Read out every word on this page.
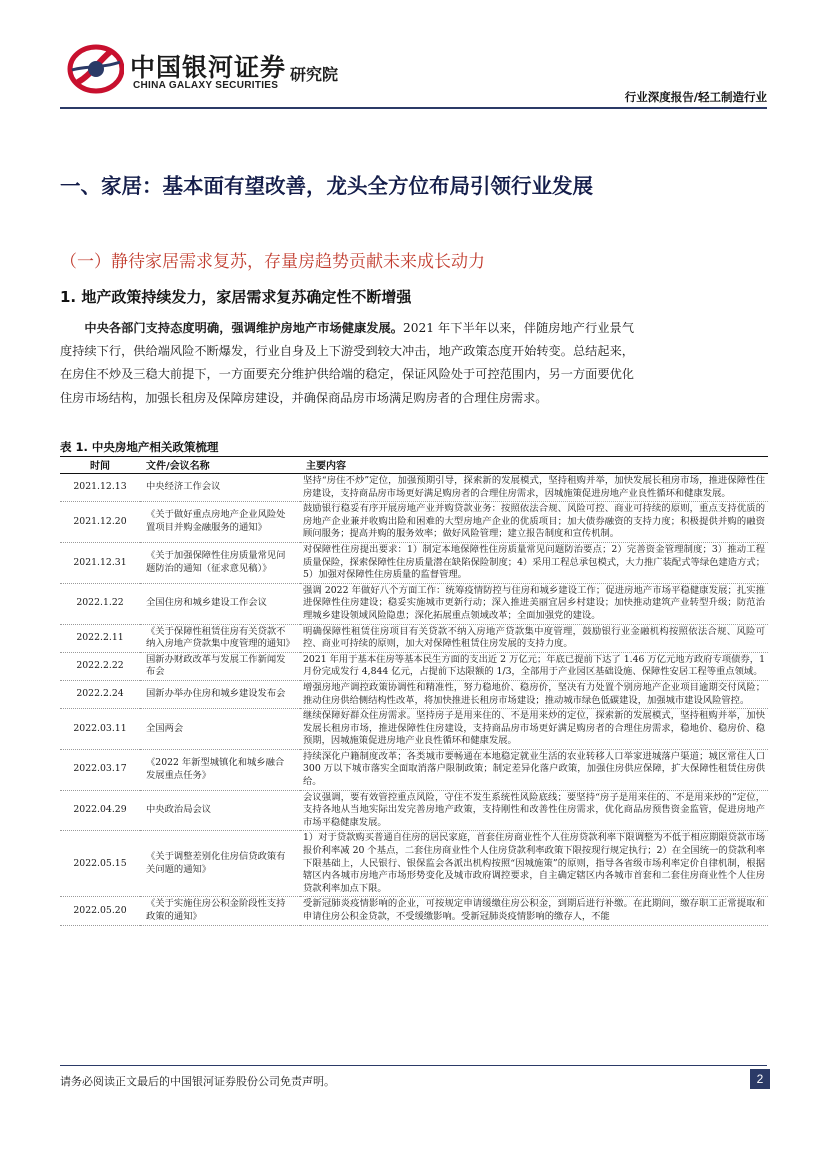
中国银河证券 研究院
CHINA GALAXY SECURITIES
行业深度报告/轻工制造行业
一、家居：基本面有望改善，龙头全方位布局引领行业发展
（一）静待家居需求复苏，存量房趋势贡献未来成长动力
1. 地产政策持续发力，家居需求复苏确定性不断增强
中央各部门支持态度明确，强调维护房地产市场健康发展。2021 年下半年以来，伴随房地产行业景气度持续下行，供给端风险不断爆发，行业自身及上下游受到较大冲击，地产政策态度开始转变。总结起来，在房住不炒及三稳大前提下，一方面要充分维护供给端的稳定，保证风险处于可控范围内，另一方面要优化住房市场结构，加强长租房及保障房建设，并确保商品房市场满足购房者的合理住房需求。
表 1. 中央房地产相关政策梳理
时间	文件/会议名称	主要内容
2021.12.13	中央经济工作会议	坚持“房住不炒”定位，加强预期引导，探索新的发展模式，坚持租购并举，加快发展长租房市场，推进保障性住房建设，支持商品房市场更好满足购房者的合理住房需求，因城施策促进房地产业良性循环和健康发展。
2021.12.20	《关于做好重点房地产企业风险处置项目并购金融服务的通知》	鼓励银行稳妥有序开展房地产业并购贷款业务：按照依法合规、风险可控、商业可持续的原则，重点支持优质的房地产企业兼并收购出险和困难的大型房地产企业的优质项目；加大债券融资的支持力度；积极提供并购的融资顾问服务；提高并购的服务效率；做好风险管理；建立报告制度和宣传机制。
2021.12.31	《关于加强保障性住房质量常见问题防治的通知（征求意见稿）》	对保障性住房提出要求：1）制定本地保障性住房质量常见问题防治要点；2）完善资金管理制度；3）推动工程质量保险，探索保障性住房质量潜在缺陷保险制度；4）采用工程总承包模式，大力推广装配式等绿色建造方式；5）加强对保障性住房质量的监督管理。
2022.1.22	全国住房和城乡建设工作会议	强调 2022 年做好八个方面工作：统筹疫情防控与住房和城乡建设工作；促进房地产市场平稳健康发展；扎实推进保障性住房建设；稳妥实施城市更新行动；深入推进美丽宜居乡村建设；加快推动建筑产业转型升级；防范治理城乡建设领域风险隐患；深化拓展重点领域改革；全面加强党的建设。
2022.2.11	《关于保障性租赁住房有关贷款不纳入房地产贷款集中度管理的通知》	明确保障性租赁住房项目有关贷款不纳入房地产贷款集中度管理，鼓励银行业金融机构按照依法合规、风险可控、商业可持续的原则，加大对保障性租赁住房发展的支持力度。
2022.2.22	国新办财政改革与发展工作新闻发布会	2021 年用于基本住房等基本民生方面的支出近 2 万亿元；年底已提前下达了 1.46 万亿元地方政府专项债券，1 月份完成发行 4,844 亿元，占提前下达限额的 1/3，全部用于产业园区基础设施、保障性安居工程等重点领域。
2022.2.24	国新办举办住房和城乡建设发布会	增强房地产调控政策协调性和精准性，努力稳地价、稳房价，坚决有力处置个别房地产企业项目逾期交付风险；推动住房供给侧结构性改革，将加快推进长租房市场建设；推动城市绿色低碳建设，加强城市建设风险管控。
2022.03.11	全国两会	继续保障好群众住房需求。坚持房子是用来住的、不是用来炒的定位，探索新的发展模式，坚持租购并举，加快发展长租房市场，推进保障性住房建设，支持商品房市场更好满足购房者的合理住房需求，稳地价、稳房价、稳预期，因城施策促进房地产业良性循环和健康发展。
2022.03.17	《2022 年新型城镇化和城乡融合发展重点任务》	持续深化户籍制度改革；各类城市要畅通在本地稳定就业生活的农业转移人口举家进城落户渠道；城区常住人口 300 万以下城市落实全面取消落户限制政策；制定差异化落户政策，加强住房供应保障，扩大保障性租赁住房供给。
2022.04.29	中央政治局会议	会议强调，要有效管控重点风险，守住不发生系统性风险底线；要坚持“房子是用来住的、不是用来炒的”定位，支持各地从当地实际出发完善房地产政策，支持刚性和改善性住房需求，优化商品房预售资金监管，促进房地产市场平稳健康发展。
2022.05.15	《关于调整差别化住房信贷政策有关问题的通知》	1）对于贷款购买普通自住房的居民家庭，首套住房商业性个人住房贷款利率下限调整为不低于相应期限贷款市场报价利率减 20 个基点，二套住房商业性个人住房贷款利率政策下限按现行规定执行；2）在全国统一的贷款利率下限基础上，人民银行、银保监会各派出机构按照“因城施策”的原则，指导各省级市场利率定价自律机制，根据辖区内各城市房地产市场形势变化及城市政府调控要求，自主确定辖区内各城市首套和二套住房商业性个人住房贷款利率加点下限。
2022.05.20	《关于实施住房公积金阶段性支持政策的通知》	受新冠肺炎疫情影响的企业，可按规定申请缓缴住房公积金，到期后进行补缴。在此期间，缴存职工正常提取和申请住房公积金贷款，不受缓缴影响。受新冠肺炎疫情影响的缴存人，不能
请务必阅读正文最后的中国银河证券股份公司免责声明。	2
